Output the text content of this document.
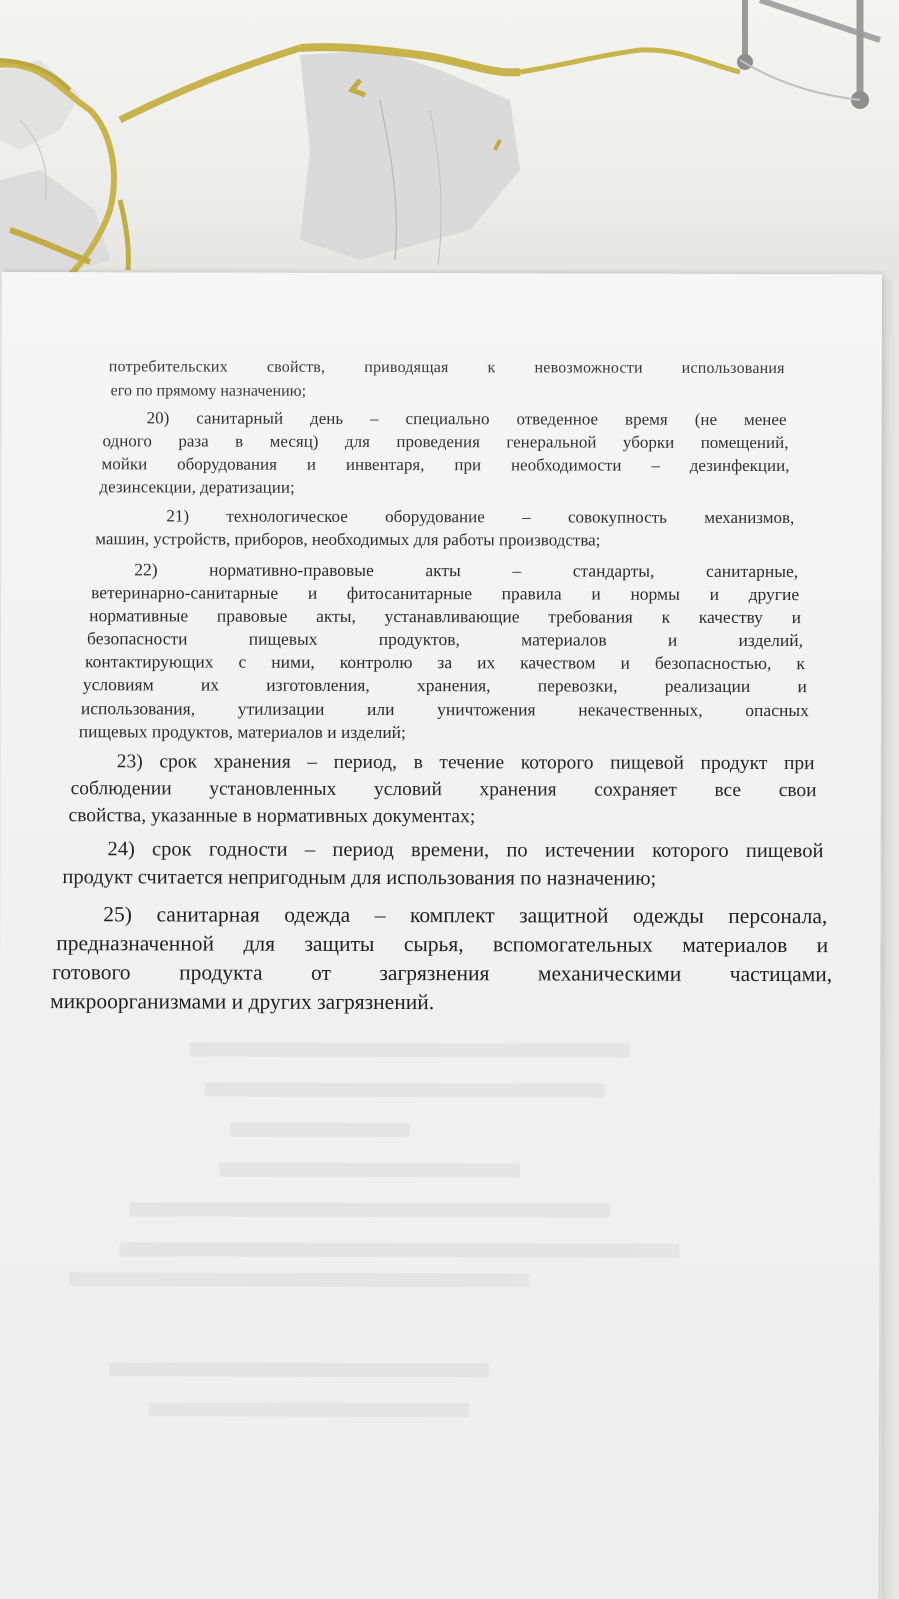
потребительских свойств, приводящая к невозможности использования
его по прямому назначению;
20) санитарный день – специально отведенное время (не менее
одного раза в месяц) для проведения генеральной уборки помещений,
мойки оборудования и инвентаря, при необходимости – дезинфекции,
дезинсекции, дератизации;
21) технологическое оборудование – совокупность механизмов,
машин, устройств, приборов, необходимых для работы производства;
22)	нормативно-правовые	акты	–	стандарты,	санитарные,
ветеринарно-санитарные и фитосанитарные правила и нормы и другие
нормативные правовые акты, устанавливающие требования к качеству и
безопасности	пищевых	продуктов,	материалов	и	изделий,
контактирующих с ними, контролю за их качеством и безопасностью, к
условиям	их	изготовления,	хранения,	перевозки,	реализации	и
использования, утилизации или уничтожения некачественных, опасных
пищевых продуктов, материалов и изделий;
23) срок хранения – период, в течение которого пищевой продукт при
соблюдении установленных условий хранения сохраняет все свои
свойства, указанные в нормативных документах;
24) срок годности – период времени, по истечении которого пищевой
продукт считается непригодным для использования по назначению;
25) санитарная одежда – комплект защитной одежды персонала,
предназначенной для защиты сырья, вспомогательных материалов и
готового продукта от загрязнения механическими частицами,
микроорганизмами и других загрязнений.
